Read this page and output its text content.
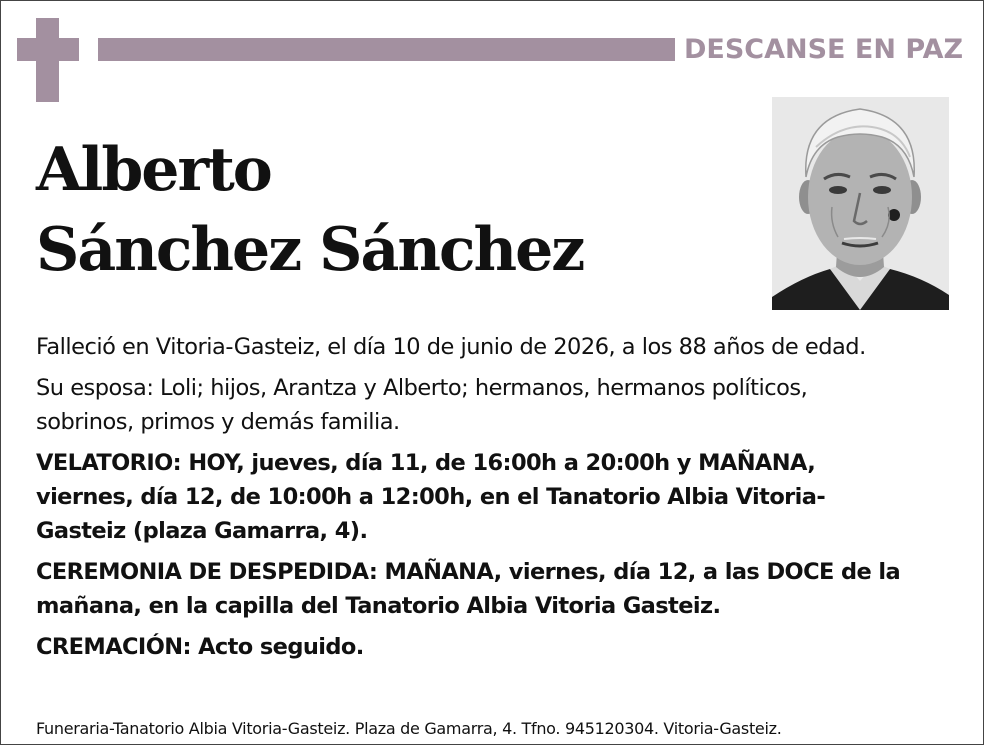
DESCANSE EN PAZ
Alberto
Sánchez Sánchez

Falleció en Vitoria-Gasteiz, el día 10 de junio de 2026, a los 88 años de edad.

Su esposa: Loli; hijos, Arantza y Alberto; hermanos, hermanos políticos,
sobrinos, primos y demás familia.

VELATORIO: HOY, jueves, día 11, de 16:00h a 20:00h y MAÑANA,
viernes, día 12, de 10:00h a 12:00h, en el Tanatorio Albia Vitoria-
Gasteiz (plaza Gamarra, 4).

CEREMONIA DE DESPEDIDA: MAÑANA, viernes, día 12, a las DOCE de la
mañana, en la capilla del Tanatorio Albia Vitoria Gasteiz.

CREMACIÓN: Acto seguido.

Funeraria-Tanatorio Albia Vitoria-Gasteiz. Plaza de Gamarra, 4. Tfno. 945120304. Vitoria-Gasteiz.
